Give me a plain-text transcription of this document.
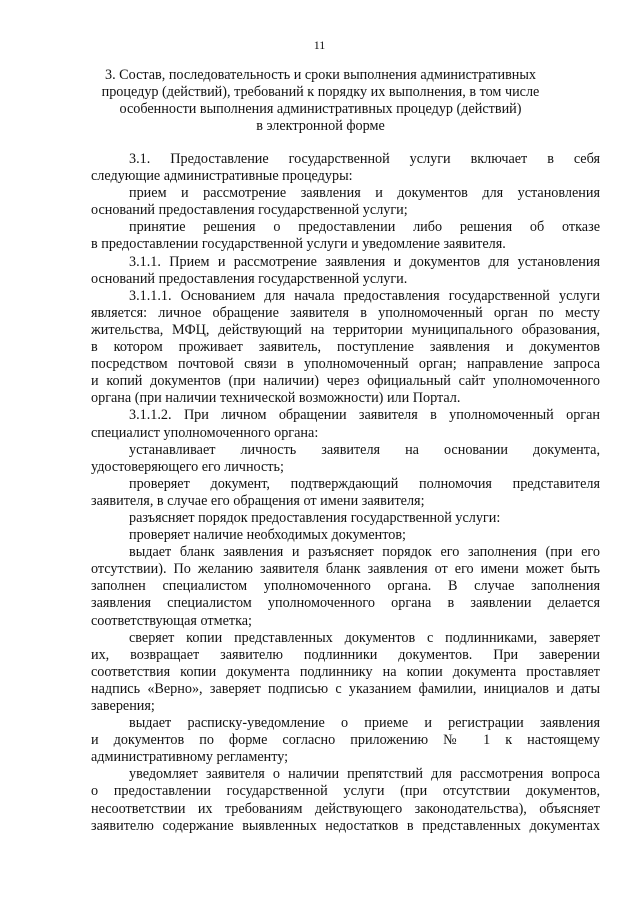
11
3. Состав, последовательность и сроки выполнения административных
процедур (действий), требований к порядку их выполнения, в том числе
особенности выполнения административных процедур (действий)
в электронной форме
3.1. Предоставление государственной услуги включает в себя
следующие административные процедуры:
прием и рассмотрение заявления и документов для установления
оснований предоставления государственной услуги;
принятие решения о предоставлении либо решения об отказе
в предоставлении государственной услуги и уведомление заявителя.
3.1.1. Прием и рассмотрение заявления и документов для установления
оснований предоставления государственной услуги.
3.1.1.1. Основанием для начала предоставления государственной услуги
является: личное обращение заявителя в уполномоченный орган по месту
жительства, МФЦ, действующий на территории муниципального образования,
в котором проживает заявитель, поступление заявления и документов
посредством почтовой связи в уполномоченный орган; направление запроса
и копий документов (при наличии) через официальный сайт уполномоченного
органа (при наличии технической возможности) или Портал.
3.1.1.2. При личном обращении заявителя в уполномоченный орган
специалист уполномоченного органа:
устанавливает личность заявителя на основании документа,
удостоверяющего его личность;
проверяет документ, подтверждающий полномочия представителя
заявителя, в случае его обращения от имени заявителя;
разъясняет порядок предоставления государственной услуги:
проверяет наличие необходимых документов;
выдает бланк заявления и разъясняет порядок его заполнения (при его
отсутствии). По желанию заявителя бланк заявления от его имени может быть
заполнен специалистом уполномоченного органа. В случае заполнения
заявления специалистом уполномоченного органа в заявлении делается
соответствующая отметка;
сверяет копии представленных документов с подлинниками, заверяет
их, возвращает заявителю подлинники документов. При заверении
соответствия копии документа подлиннику на копии документа проставляет
надпись «Верно», заверяет подписью с указанием фамилии, инициалов и даты
заверения;
выдает расписку-уведомление о приеме и регистрации заявления
и документов по форме согласно приложению № 1 к настоящему
административному регламенту;
уведомляет заявителя о наличии препятствий для рассмотрения вопроса
о предоставлении государственной услуги (при отсутствии документов,
несоответствии их требованиям действующего законодательства), объясняет
заявителю содержание выявленных недостатков в представленных документах
